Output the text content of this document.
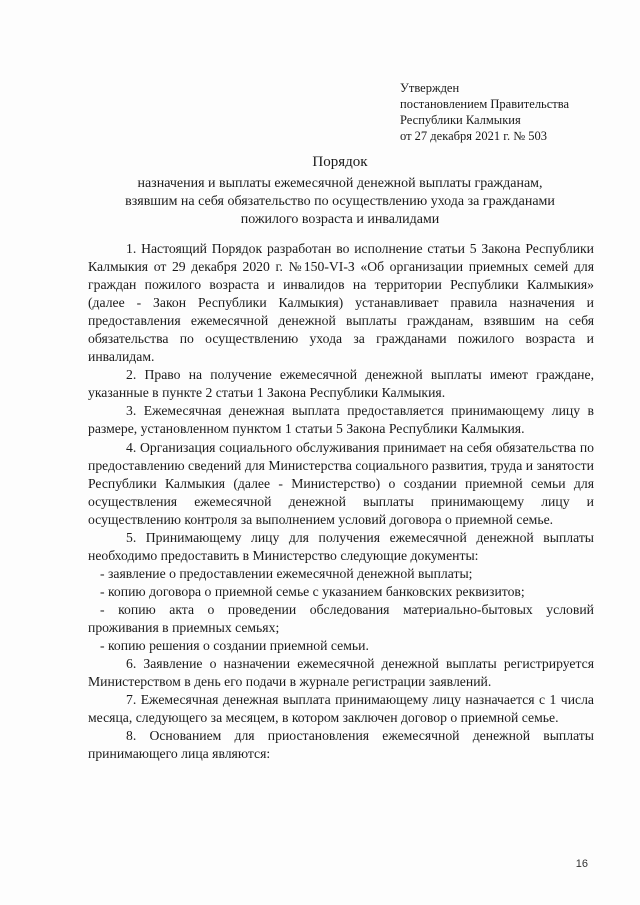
Утвержден
постановлением Правительства
Республики Калмыкия
от 27 декабря 2021 г. № 503
Порядок
назначения и выплаты ежемесячной денежной выплаты гражданам,
взявшим на себя обязательство по осуществлению ухода за гражданами
пожилого возраста и инвалидами

1. Настоящий Порядок разработан во исполнение статьи 5 Закона Республики Калмыкия от 29 декабря 2020 г. №150-VI-З «Об организации приемных семей для граждан пожилого возраста и инвалидов на территории Республики Калмыкия» (далее - Закон Республики Калмыкия) устанавливает правила назначения и предоставления ежемесячной денежной выплаты гражданам, взявшим на себя обязательства по осуществлению ухода за гражданами пожилого возраста и инвалидам.

2. Право на получение ежемесячной денежной выплаты имеют граждане, указанные в пункте 2 статьи 1 Закона Республики Калмыкия.

3. Ежемесячная денежная выплата предоставляется принимающему лицу в размере, установленном пунктом 1 статьи 5 Закона Республики Калмыкия.

4. Организация социального обслуживания принимает на себя обязательства по предоставлению сведений для Министерства социального развития, труда и занятости Республики Калмыкия (далее - Министерство) о создании приемной семьи для осуществления ежемесячной денежной выплаты принимающему лицу и осуществлению контроля за выполнением условий договора о приемной семье.

5. Принимающему лицу для получения ежемесячной денежной выплаты необходимо предоставить в Министерство следующие документы:

- заявление о предоставлении ежемесячной денежной выплаты;

- копию договора о приемной семье с указанием банковских реквизитов;

- копию акта о проведении обследования материально-бытовых условий проживания в приемных семьях;

- копию решения о создании приемной семьи.

6. Заявление о назначении ежемесячной денежной выплаты регистрируется Министерством в день его подачи в журнале регистрации заявлений.

7. Ежемесячная денежная выплата принимающему лицу назначается с 1 числа месяца, следующего за месяцем, в котором заключен договор о приемной семье.

8. Основанием для приостановления ежемесячной денежной выплаты принимающего лица являются:

16
